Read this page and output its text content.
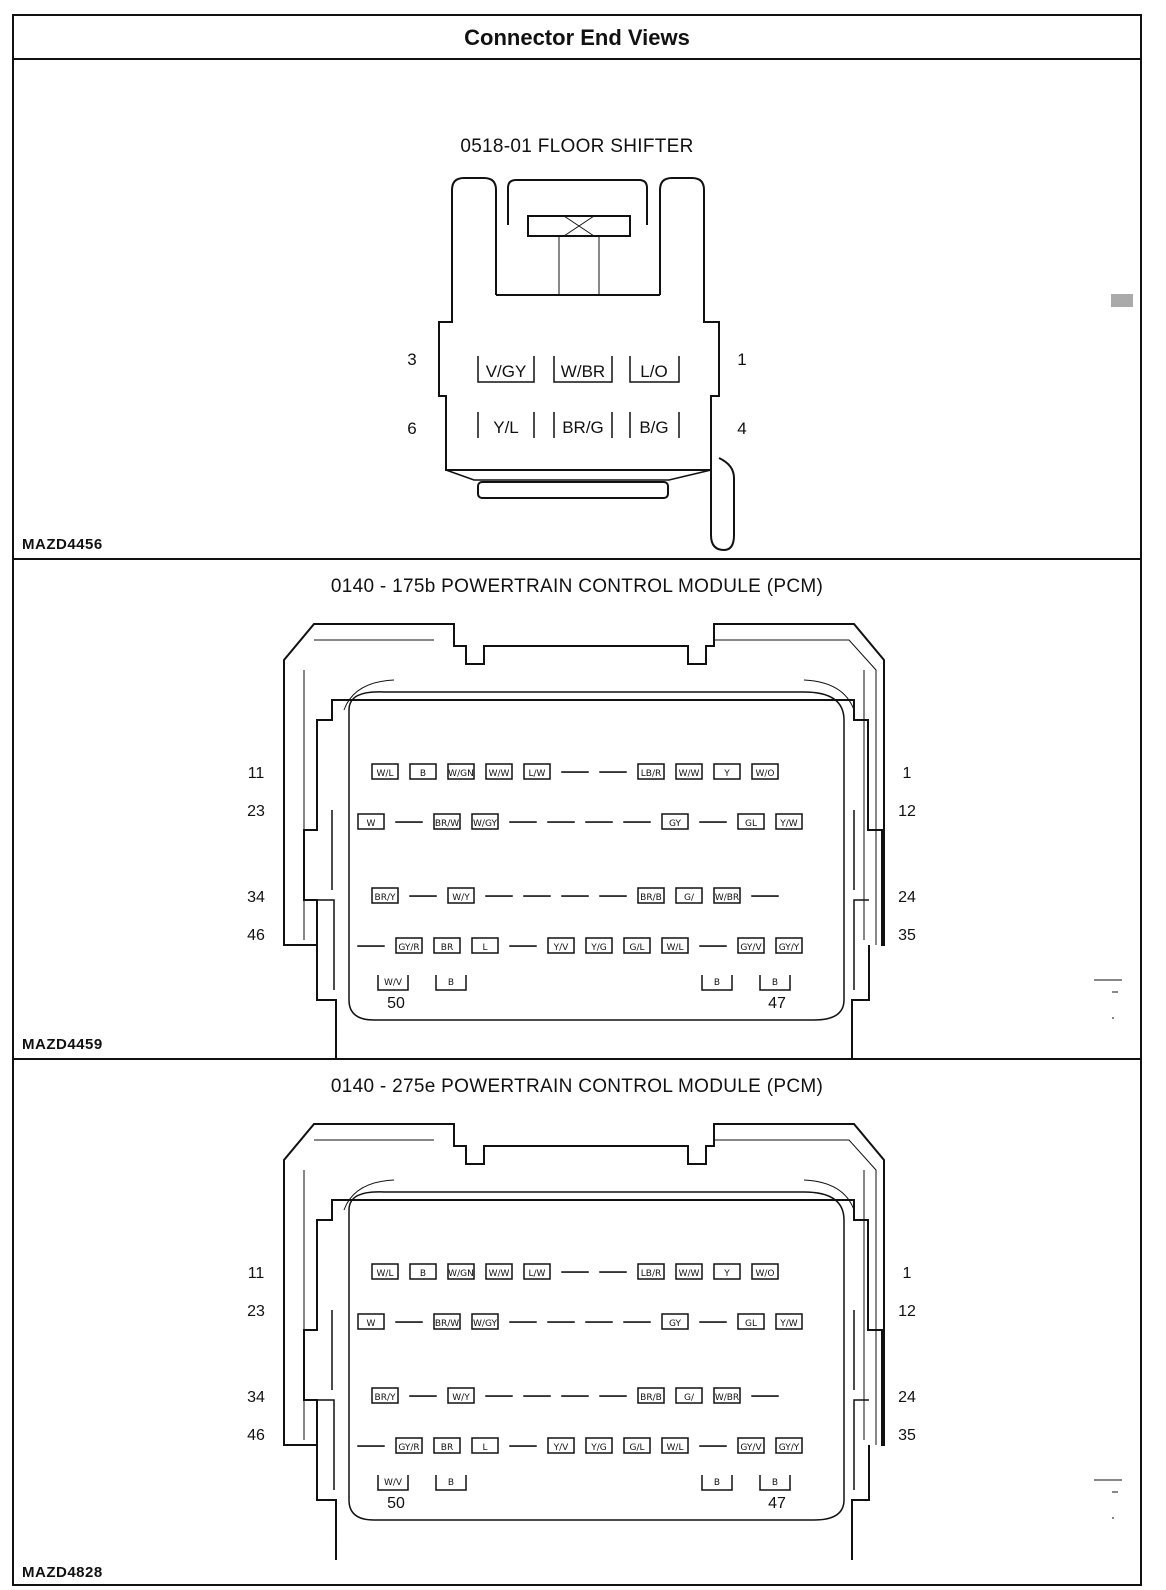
Connector End Views
0518-01 FLOOR SHIFTER
V/GY W/BR L/O
Y/L	BR/G B/G
3
6
1
4
MAZD4456
0140 - 175b POWERTRAIN CONTROL MODULE (PCM)
W/L	B W/GN W/W L/W	LB/R W/W	Y	W/O
W	BR/W W/GY	GY	GL	Y/W
BR/Y	W/Y	BR/B G/ W/BR
GY/R BR	L	Y/V	Y/G	G/L W/L	GY/V GY/Y
W/V	B	B	B
11	1
23	12
34	24
46	35
50	47
MAZD4459
0140 - 275e POWERTRAIN CONTROL MODULE (PCM)
W/L	B W/GN W/W L/W	LB/R W/W	Y	W/O
W	BR/W W/GY	GY	GL	Y/W
BR/Y	W/Y	BR/B G/ W/BR
GY/R BR	L	Y/V	Y/G	G/L W/L	GY/V GY/Y
W/V	B	B	B
11	1
23	12
34	24
46	35
50	47
MAZD4828
